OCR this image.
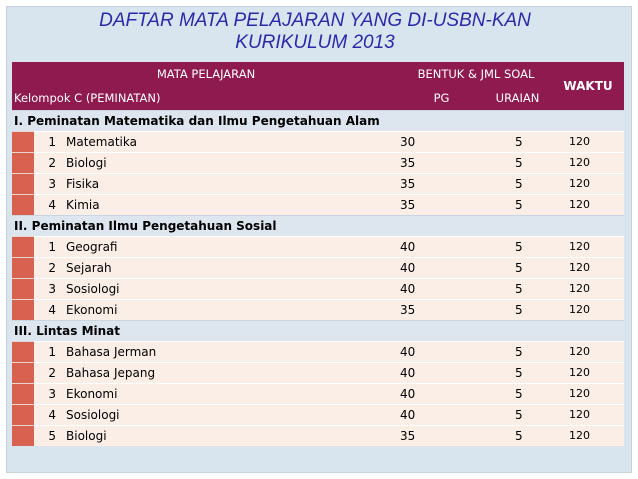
DAFTAR MATA PELAJARAN YANG DI-USBN-KAN
KURIKULUM 2013
MATA PELAJARAN			BENTUK & JML SOAL		WAKTU
Kelompok C (PEMINATAN)			PG	URAIAN	
I. Peminatan Matematika dan Ilmu Pengetahuan Alam					
	1	Matematika	30	5	120
	2	Biologi	35	5	120
	3	Fisika	35	5	120
	4	Kimia	35	5	120
II. Peminatan Ilmu Pengetahuan Sosial					
	1	Geografi	40	5	120
	2	Sejarah	40	5	120
	3	Sosiologi	40	5	120
	4	Ekonomi	35	5	120
III. Lintas Minat					
	1	Bahasa Jerman	40	5	120
	2	Bahasa Jepang	40	5	120
	3	Ekonomi	40	5	120
	4	Sosiologi	40	5	120
	5	Biologi	35	5	120
